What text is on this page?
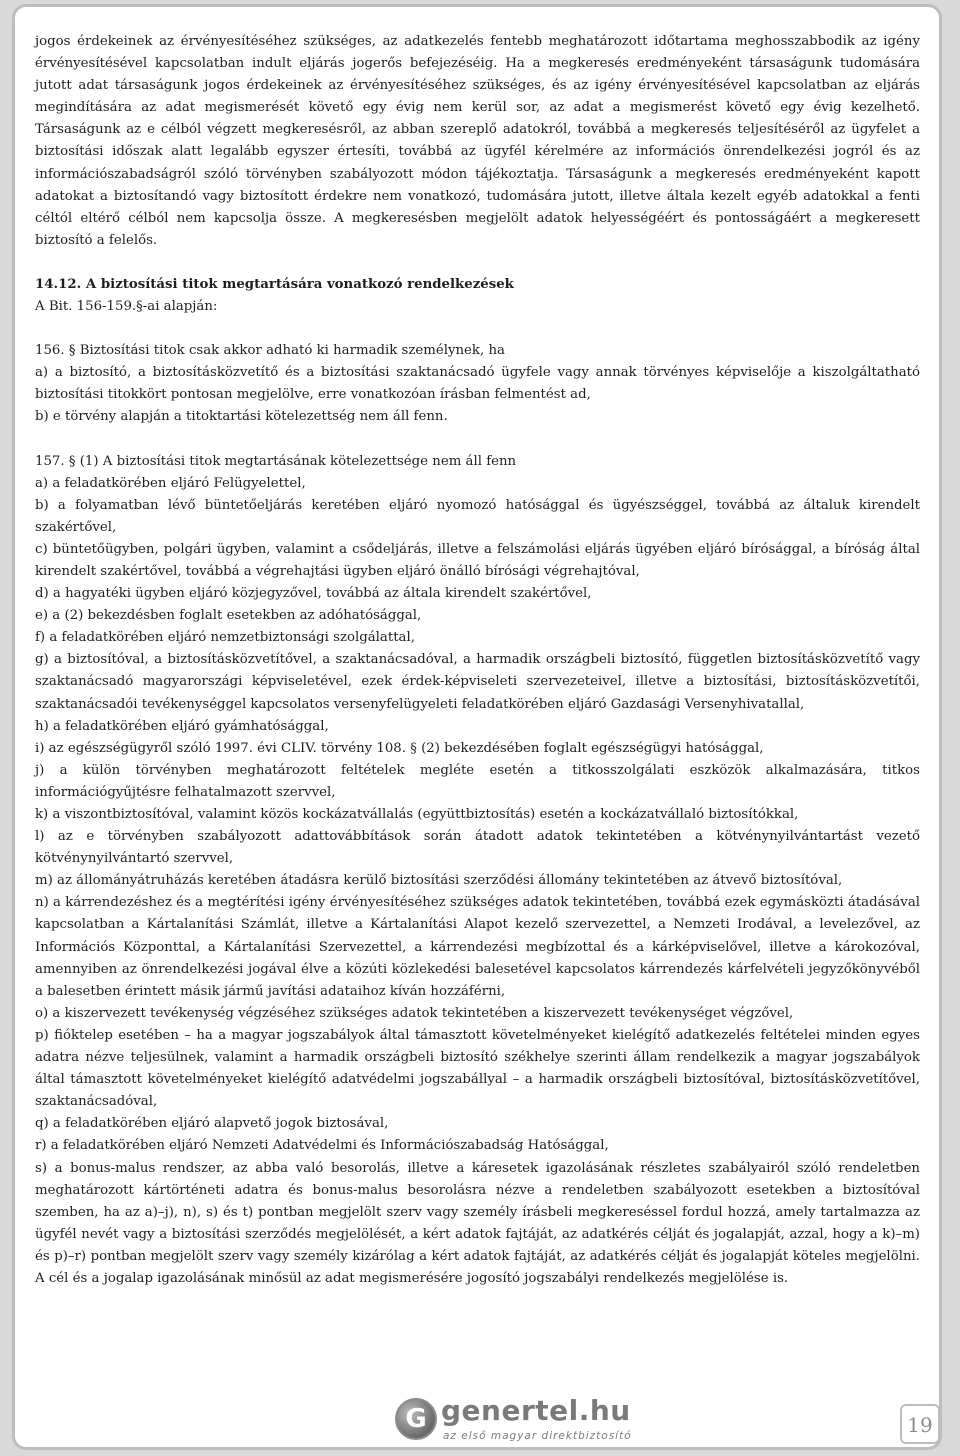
jogos érdekeinek az érvényesítéséhez szükséges, az adatkezelés fentebb meghatározott időtartama meghosszabbodik az igény érvényesítésével kapcsolatban indult eljárás jogerős befejezéséig. Ha a megkeresés eredményeként társaságunk tudomására jutott adat társaságunk jogos érdekeinek az érvényesítéséhez szükséges, és az igény érvényesítésével kapcsolatban az eljárás megindítására az adat megismerését követő egy évig nem kerül sor, az adat a megismerést követő egy évig kezelhető. Társaságunk az e célból végzett megkeresésről, az abban szereplő adatokról, továbbá a megkeresés teljesítéséről az ügyfelet a biztosítási időszak alatt legalább egyszer értesíti, továbbá az ügyfél kérelmére az információs önrendelkezési jogról és az információszabadságról szóló törvényben szabályozott módon tájékoztatja. Társaságunk a megkeresés eredményeként kapott adatokat a biztosítandó vagy biztosított érdekre nem vonatkozó, tudomására jutott, illetve általa kezelt egyéb adatokkal a fenti céltól eltérő célból nem kapcsolja össze. A megkeresésben megjelölt adatok helyességéért és pontosságáért a megkeresett biztosító a felelős.

14.12. A biztosítási titok megtartására vonatkozó rendelkezések

A Bit. 156-159.§-ai alapján:

156. § Biztosítási titok csak akkor adható ki harmadik személynek, ha

a) a biztosító, a biztosításközvetítő és a biztosítási szaktanácsadó ügyfele vagy annak törvényes képviselője a kiszolgáltatható biztosítási titokkört pontosan megjelölve, erre vonatkozóan írásban felmentést ad,

b) e törvény alapján a titoktartási kötelezettség nem áll fenn.

157. § (1) A biztosítási titok megtartásának kötelezettsége nem áll fenn

a) a feladatkörében eljáró Felügyelettel,

b) a folyamatban lévő büntetőeljárás keretében eljáró nyomozó hatósággal és ügyészséggel, továbbá az általuk kirendelt szakértővel,

c) büntetőügyben, polgári ügyben, valamint a csődeljárás, illetve a felszámolási eljárás ügyében eljáró bírósággal, a bíróság által kirendelt szakértővel, továbbá a végrehajtási ügyben eljáró önálló bírósági végrehajtóval,

d) a hagyatéki ügyben eljáró közjegyzővel, továbbá az általa kirendelt szakértővel,

e) a (2) bekezdésben foglalt esetekben az adóhatósággal,

f) a feladatkörében eljáró nemzetbiztonsági szolgálattal,

g) a biztosítóval, a biztosításközvetítővel, a szaktanácsadóval, a harmadik országbeli biztosító, független biztosításközvetítő vagy szaktanácsadó magyarországi képviseletével, ezek érdek-képviseleti szervezeteivel, illetve a biztosítási, biztosításközvetítői, szaktanácsadói tevékenységgel kapcsolatos versenyfelügyeleti feladatkörében eljáró Gazdasági Versenyhivatallal,

h) a feladatkörében eljáró gyámhatósággal,

i) az egészségügyről szóló 1997. évi CLIV. törvény 108. § (2) bekezdésében foglalt egészségügyi hatósággal,

j) a külön törvényben meghatározott feltételek megléte esetén a titkosszolgálati eszközök alkalmazására, titkos információgyűjtésre felhatalmazott szervvel,

k) a viszontbiztosítóval, valamint közös kockázatvállalás (együttbiztosítás) esetén a kockázatvállaló biztosítókkal,

l) az e törvényben szabályozott adattovábbítások során átadott adatok tekintetében a kötvénynyilvántartást vezető kötvénynyilvántartó szervvel,

m) az állományátruházás keretében átadásra kerülő biztosítási szerződési állomány tekintetében az átvevő biztosítóval,

n) a kárrendezéshez és a megtérítési igény érvényesítéséhez szükséges adatok tekintetében, továbbá ezek egymásközti átadásával kapcsolatban a Kártalanítási Számlát, illetve a Kártalanítási Alapot kezelő szervezettel, a Nemzeti Irodával, a levelezővel, az Információs Központtal, a Kártalanítási Szervezettel, a kárrendezési megbízottal és a kárképviselővel, illetve a károkozóval, amennyiben az önrendelkezési jogával élve a közúti közlekedési balesetével kapcsolatos kárrendezés kárfelvételi jegyzőkönyvéből a balesetben érintett másik jármű javítási adataihoz kíván hozzáférni,

o) a kiszervezett tevékenység végzéséhez szükséges adatok tekintetében a kiszervezett tevékenységet végzővel,

p) fióktelep esetében – ha a magyar jogszabályok által támasztott követelményeket kielégítő adatkezelés feltételei minden egyes adatra nézve teljesülnek, valamint a harmadik országbeli biztosító székhelye szerinti állam rendelkezik a magyar jogszabályok által támasztott követelményeket kielégítő adatvédelmi jogszabállyal – a harmadik országbeli biztosítóval, biztosításközvetítővel, szaktanácsadóval,

q) a feladatkörében eljáró alapvető jogok biztosával,

r) a feladatkörében eljáró Nemzeti Adatvédelmi és Információszabadság Hatósággal,

s) a bonus-malus rendszer, az abba való besorolás, illetve a káresetek igazolásának részletes szabályairól szóló rendeletben meghatározott kártörténeti adatra és bonus-malus besorolásra nézve a rendeletben szabályozott esetekben a biztosítóval szemben, ha az a)–j), n), s) és t) pontban megjelölt szerv vagy személy írásbeli megkereséssel fordul hozzá, amely tartalmazza az ügyfél nevét vagy a biztosítási szerződés megjelölését, a kért adatok fajtáját, az adatkérés célját és jogalapját, azzal, hogy a k)–m) és p)–r) pontban megjelölt szerv vagy személy kizárólag a kért adatok fajtáját, az adatkérés célját és jogalapját köteles megjelölni. A cél és a jogalap igazolásának minősül az adat megismerésére jogosító jogszabályi rendelkezés megjelölése is.

G genertel.hu
az első magyar direktbiztosító	19
